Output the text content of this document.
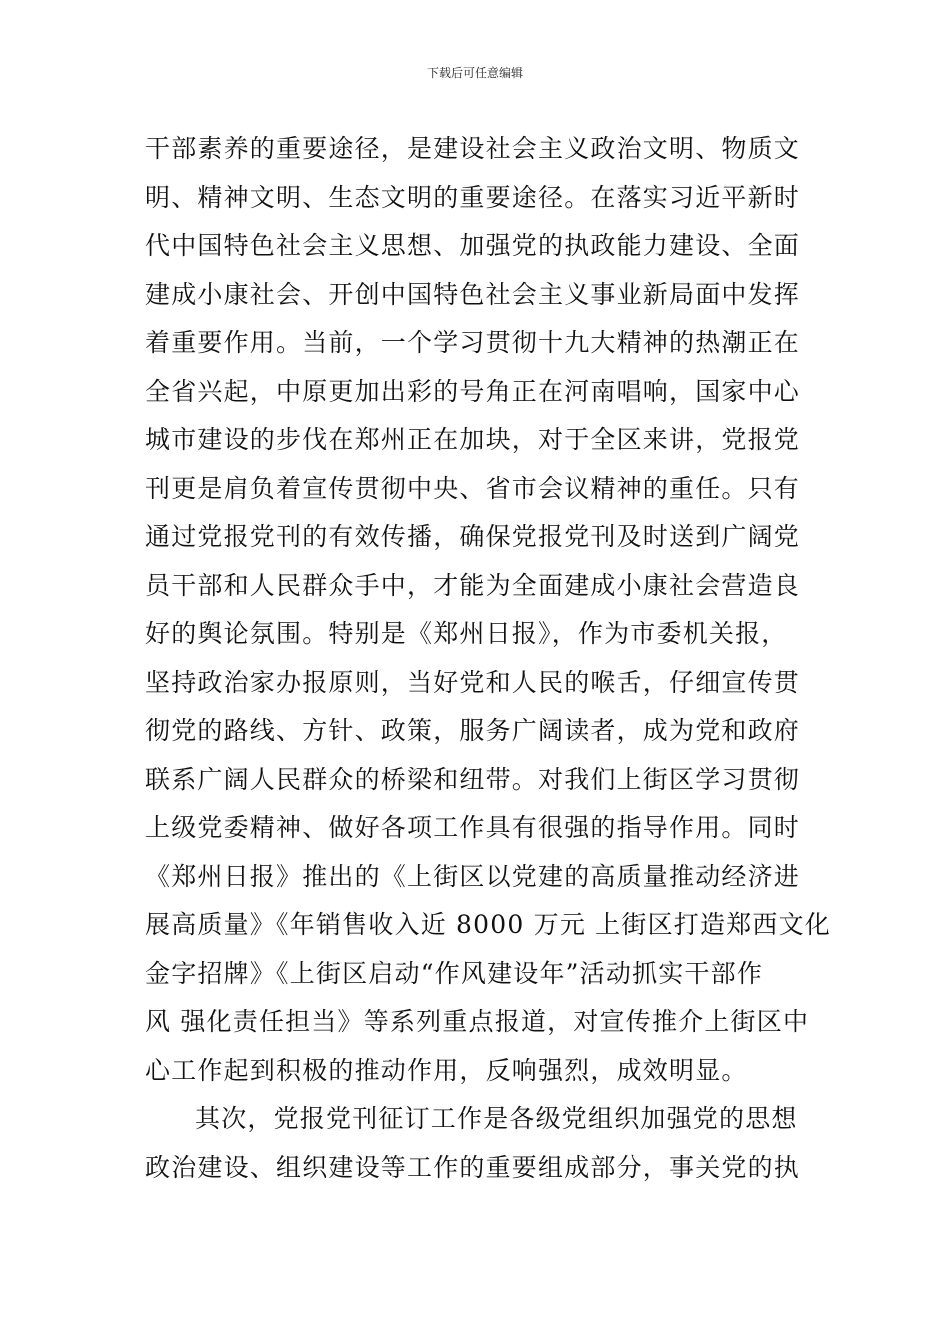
下载后可任意编辑
干部素养的重要途径，是建设社会主义政治文明、物质文
明、精神文明、生态文明的重要途径。在落实习近平新时
代中国特色社会主义思想、加强党的执政能力建设、全面
建成小康社会、开创中国特色社会主义事业新局面中发挥
着重要作用。当前，一个学习贯彻十九大精神的热潮正在
全省兴起，中原更加出彩的号角正在河南唱响，国家中心
城市建设的步伐在郑州正在加块，对于全区来讲，党报党
刊更是肩负着宣传贯彻中央、省市会议精神的重任。只有
通过党报党刊的有效传播，确保党报党刊及时送到广阔党
员干部和人民群众手中，才能为全面建成小康社会营造良
好的舆论氛围。特别是《郑州日报》，作为市委机关报，
坚持政治家办报原则，当好党和人民的喉舌，仔细宣传贯
彻党的路线、方针、政策，服务广阔读者，成为党和政府
联系广阔人民群众的桥梁和纽带。对我们上街区学习贯彻
上级党委精神、做好各项工作具有很强的指导作用。同时
《郑州日报》推出的《上街区以党建的高质量推动经济进
展高质量》《年销售收入近 8000 万元 上街区打造郑西文化
金字招牌》《上街区启动“作风建设年”活动抓实干部作
风 强化责任担当》等系列重点报道，对宣传推介上街区中
心工作起到积极的推动作用，反响强烈，成效明显。
其次，党报党刊征订工作是各级党组织加强党的思想
政治建设、组织建设等工作的重要组成部分，事关党的执
